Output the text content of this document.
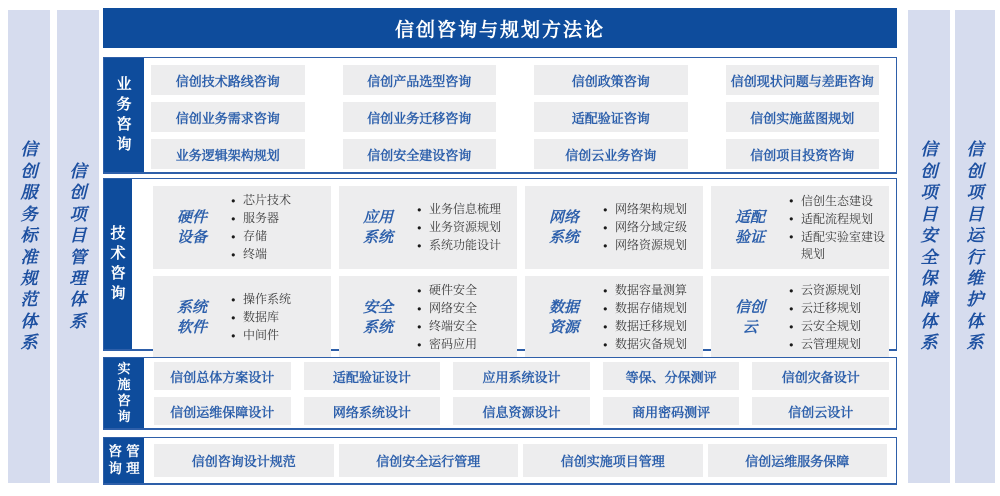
信创服务标准规范体系
信创项目管理体系
信创项目安全保障体系
信创项目运行维护体系
信创咨询与规划方法论
业务咨询
信创技术路线咨询	信创产品选型咨询	信创政策咨询	信创现状问题与差距咨询
信创业务需求咨询	信创业务迁移咨询	适配验证咨询	信创实施蓝图规划
业务逻辑架构规划	信创安全建设咨询	信创云业务咨询	信创项目投资咨询
技术咨询
硬件设备
● 芯片技术
● 服务器
● 存储
● 终端
应用系统
● 业务信息梳理
● 业务资源规划
● 系统功能设计
网络系统
● 网络架构规划
● 网络分域定级
● 网络资源规划
适配验证
● 信创生态建设
● 适配流程规划
● 适配实验室建设规划
系统软件
● 操作系统
● 数据库
● 中间件
安全系统
● 硬件安全
● 网络安全
● 终端安全
● 密码应用
数据资源
● 数据容量测算
● 数据存储规划
● 数据迁移规划
● 数据灾备规划
信创云
● 云资源规划
● 云迁移规划
● 云安全规划
● 云管理规划
实施咨询
信创总体方案设计	适配验证设计	应用系统设计	等保、分保测评	信创灾备设计
信创运维保障设计	网络系统设计	信息资源设计	商用密码测评	信创云设计
咨询
管理	信创咨询设计规范	信创安全运行管理	信创实施项目管理	信创运维服务保障
